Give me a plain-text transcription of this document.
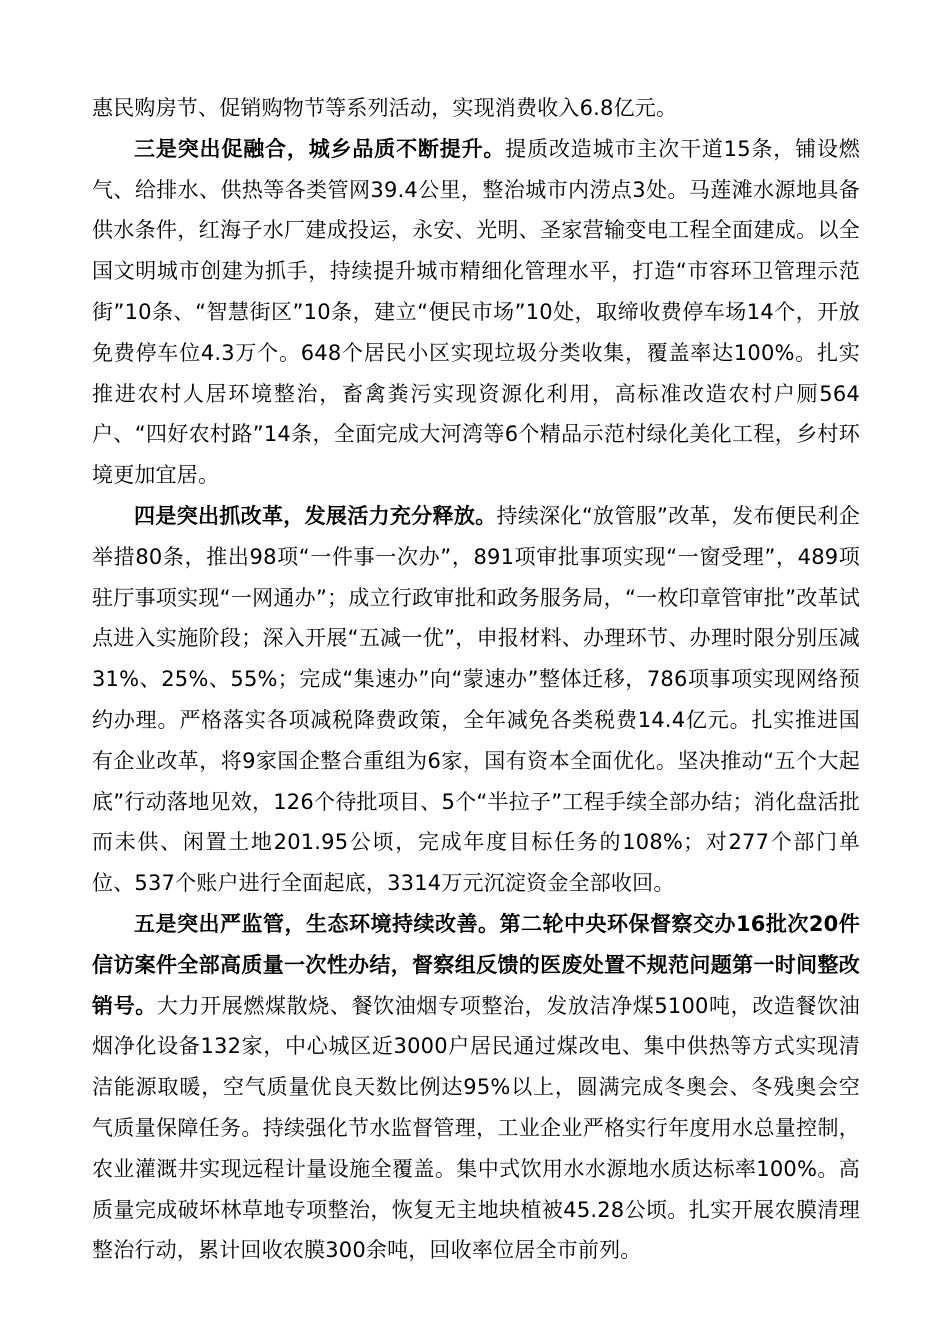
惠民购房节、促销购物节等系列活动，实现消费收入6.8亿元。

三是突出促融合，城乡品质不断提升。提质改造城市主次干道15条，铺设燃气、给排水、供热等各类管网39.4公里，整治城市内涝点3处。马莲滩水源地具备供水条件，红海子水厂建成投运，永安、光明、圣家营输变电工程全面建成。以全国文明城市创建为抓手，持续提升城市精细化管理水平，打造“市容环卫管理示范街”10条、“智慧街区”10条，建立“便民市场”10处，取缔收费停车场14个，开放免费停车位4.3万个。648个居民小区实现垃圾分类收集，覆盖率达100%。扎实推进农村人居环境整治，畜禽粪污实现资源化利用，高标准改造农村户厕564户、“四好农村路”14条，全面完成大河湾等6个精品示范村绿化美化工程，乡村环境更加宜居。

四是突出抓改革，发展活力充分释放。持续深化“放管服”改革，发布便民利企举措80条，推出98项“一件事一次办”，891项审批事项实现“一窗受理”，489项驻厅事项实现“一网通办”；成立行政审批和政务服务局，“一枚印章管审批”改革试点进入实施阶段；深入开展“五减一优”，申报材料、办理环节、办理时限分别压减31%、25%、55%；完成“集速办”向“蒙速办”整体迁移，786项事项实现网络预约办理。严格落实各项减税降费政策，全年减免各类税费14.4亿元。扎实推进国有企业改革，将9家国企整合重组为6家，国有资本全面优化。坚决推动“五个大起底”行动落地见效，126个待批项目、5个“半拉子”工程手续全部办结；消化盘活批而未供、闲置土地201.95公顷，完成年度目标任务的108%；对277个部门单位、537个账户进行全面起底，3314万元沉淀资金全部收回。

五是突出严监管，生态环境持续改善。第二轮中央环保督察交办16批次20件信访案件全部高质量一次性办结，督察组反馈的医废处置不规范问题第一时间整改销号。大力开展燃煤散烧、餐饮油烟专项整治，发放洁净煤5100吨，改造餐饮油烟净化设备132家，中心城区近3000户居民通过煤改电、集中供热等方式实现清洁能源取暖，空气质量优良天数比例达95%以上，圆满完成冬奥会、冬残奥会空气质量保障任务。持续强化节水监督管理，工业企业严格实行年度用水总量控制，农业灌溉井实现远程计量设施全覆盖。集中式饮用水水源地水质达标率100%。高质量完成破坏林草地专项整治，恢复无主地块植被45.28公顷。扎实开展农膜清理整治行动，累计回收农膜300余吨，回收率位居全市前列。
